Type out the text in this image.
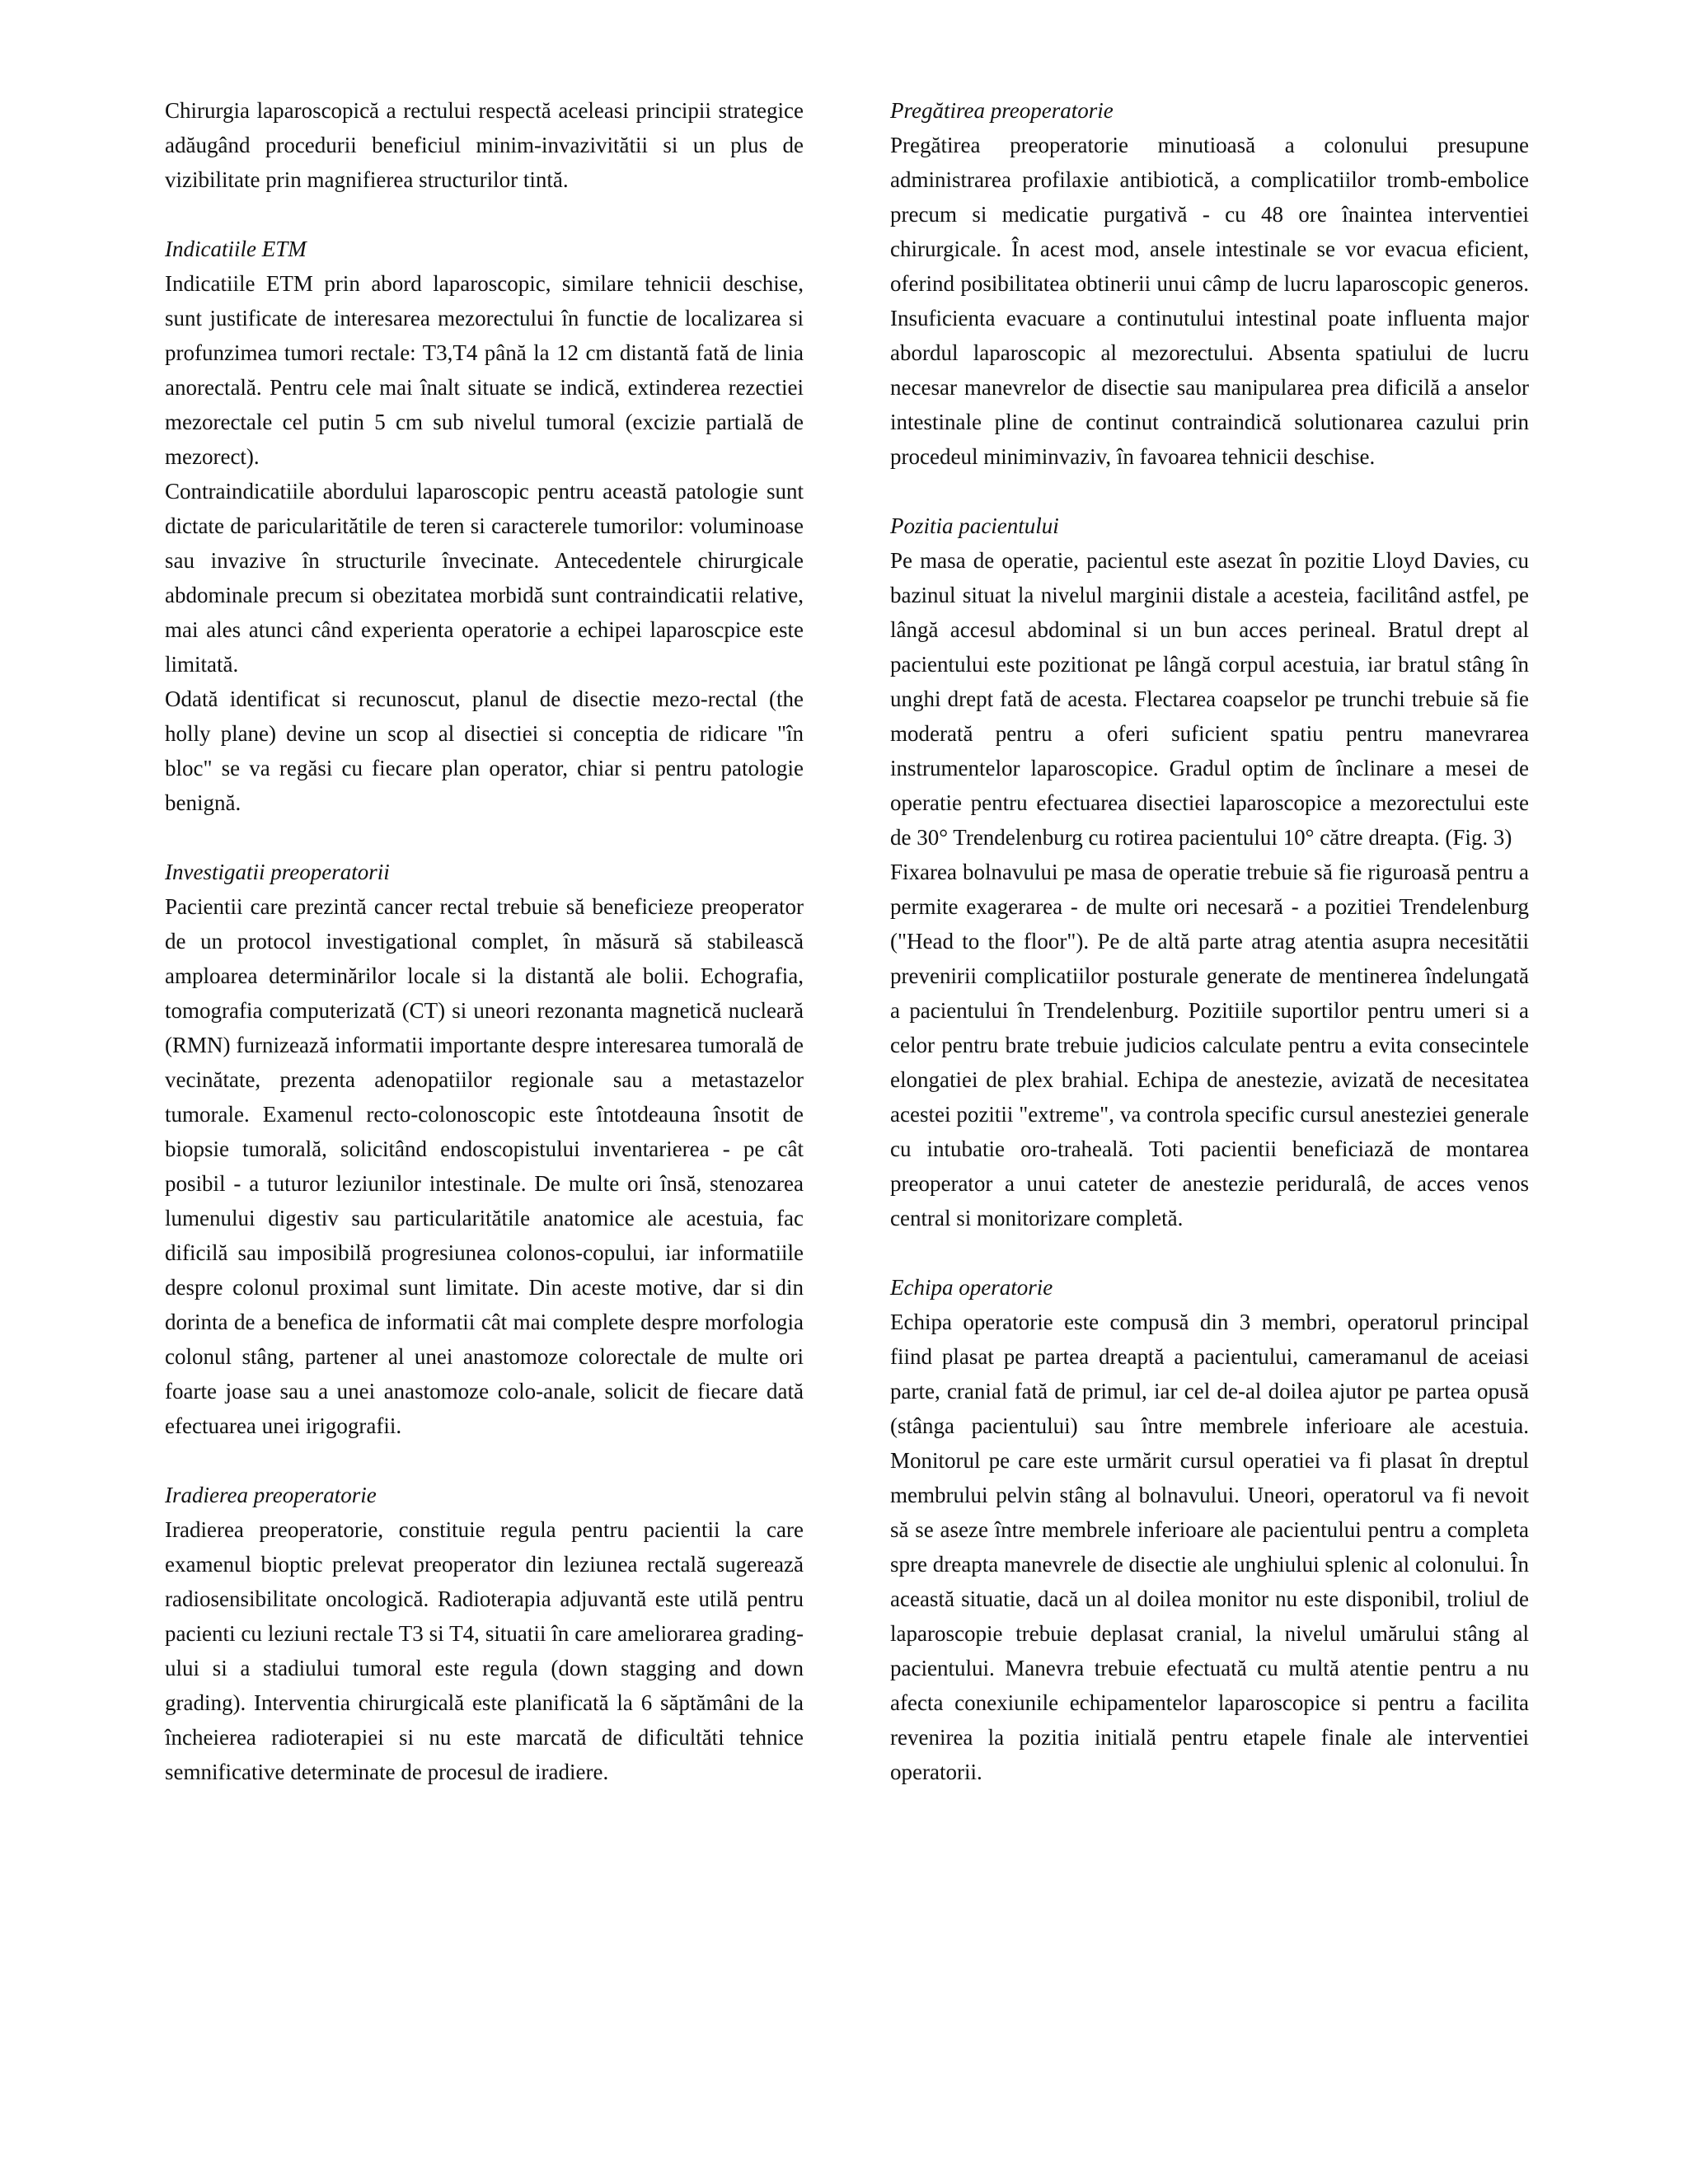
Chirurgia laparoscopică a rectului respectă aceleasi principii strategice adăugând procedurii beneficiul minim-invazivitătii si un plus de vizibilitate prin magnifierea structurilor tintă.

Indicatiile ETM

Indicatiile ETM prin abord laparoscopic, similare tehnicii deschise, sunt justificate de interesarea mezorectului în functie de localizarea si profunzimea tumori rectale: T3,T4 până la 12 cm distantă fată de linia anorectală. Pentru cele mai înalt situate se indică, extinderea rezectiei mezorectale cel putin 5 cm sub nivelul tumoral (excizie partială de mezorect).

Contraindicatiile abordului laparoscopic pentru această patologie sunt dictate de paricularitătile de teren si caracterele tumorilor: voluminoase sau invazive în structurile învecinate. Antecedentele chirurgicale abdominale precum si obezitatea morbidă sunt contraindicatii relative, mai ales atunci când experienta operatorie a echipei laparoscpice este limitată.

Odată identificat si recunoscut, planul de disectie mezo-rectal (the holly plane) devine un scop al disectiei si conceptia de ridicare "în bloc" se va regăsi cu fiecare plan operator, chiar si pentru patologie benignă.

Investigatii preoperatorii

Pacientii care prezintă cancer rectal trebuie să beneficieze preoperator de un protocol investigational complet, în măsură să stabilească amploarea determinărilor locale si la distantă ale bolii. Echografia, tomografia computerizată (CT) si uneori rezonanta magnetică nucleară (RMN) furnizează informatii importante despre interesarea tumorală de vecinătate, prezenta adenopatiilor regionale sau a metastazelor tumorale. Examenul recto-colonoscopic este întotdeauna însotit de biopsie tumorală, solicitând endoscopistului inventarierea - pe cât posibil - a tuturor leziunilor intestinale. De multe ori însă, stenozarea lumenului digestiv sau particularitătile anatomice ale acestuia, fac dificilă sau imposibilă progresiunea colonos-copului, iar informatiile despre colonul proximal sunt limitate. Din aceste motive, dar si din dorinta de a benefica de informatii cât mai complete despre morfologia colonul stâng, partener al unei anastomoze colorectale de multe ori foarte joase sau a unei anastomoze colo-anale, solicit de fiecare dată efectuarea unei irigografii.

Iradierea preoperatorie

Iradierea preoperatorie, constituie regula pentru pacientii la care examenul bioptic prelevat preoperator din leziunea rectală sugerează radiosensibilitate oncologică. Radioterapia adjuvantă este utilă pentru pacienti cu leziuni rectale T3 si T4, situatii în care ameliorarea grading-ului si a stadiului tumoral este regula (down stagging and down grading). Interventia chirurgicală este planificată la 6 săptămâni de la încheierea radioterapiei si nu este marcată de dificultăti tehnice semnificative determinate de procesul de iradiere.

Pregătirea preoperatorie

Pregătirea preoperatorie minutioasă a colonului presupune administrarea profilaxie antibiotică, a complicatiilor tromb-embolice precum si medicatie purgativă - cu 48 ore înaintea interventiei chirurgicale. În acest mod, ansele intestinale se vor evacua eficient, oferind posibilitatea obtinerii unui câmp de lucru laparoscopic generos. Insuficienta evacuare a continutului intestinal poate influenta major abordul laparoscopic al mezorectului. Absenta spatiului de lucru necesar manevrelor de disectie sau manipularea prea dificilă a anselor intestinale pline de continut contraindică solutionarea cazului prin procedeul miniminvaziv, în favoarea tehnicii deschise.

Pozitia pacientului

Pe masa de operatie, pacientul este asezat în pozitie Lloyd Davies, cu bazinul situat la nivelul marginii distale a acesteia, facilitând astfel, pe lângă accesul abdominal si un bun acces perineal. Bratul drept al pacientului este pozitionat pe lângă corpul acestuia, iar bratul stâng în unghi drept fată de acesta. Flectarea coapselor pe trunchi trebuie să fie moderată pentru a oferi suficient spatiu pentru manevrarea instrumentelor laparoscopice. Gradul optim de înclinare a mesei de operatie pentru efectuarea disectiei laparoscopice a mezorectului este de 30° Trendelenburg cu rotirea pacientului 10° către dreapta. (Fig. 3)

Fixarea bolnavului pe masa de operatie trebuie să fie riguroasă pentru a permite exagerarea - de multe ori necesară - a pozitiei Trendelenburg ("Head to the floor"). Pe de altă parte atrag atentia asupra necesitătii prevenirii complicatiilor posturale generate de mentinerea îndelungată a pacientului în Trendelenburg. Pozitiile suportilor pentru umeri si a celor pentru brate trebuie judicios calculate pentru a evita consecintele elongatiei de plex brahial. Echipa de anestezie, avizată de necesitatea acestei pozitii "extreme", va controla specific cursul anesteziei generale cu intubatie oro-traheală. Toti pacientii beneficiază de montarea preoperator a unui cateter de anestezie periduralâ, de acces venos central si monitorizare completă.

Echipa operatorie

Echipa operatorie este compusă din 3 membri, operatorul principal fiind plasat pe partea dreaptă a pacientului, cameramanul de aceiasi parte, cranial fată de primul, iar cel de-al doilea ajutor pe partea opusă (stânga pacientului) sau între membrele inferioare ale acestuia. Monitorul pe care este urmărit cursul operatiei va fi plasat în dreptul membrului pelvin stâng al bolnavului. Uneori, operatorul va fi nevoit să se aseze între membrele inferioare ale pacientului pentru a completa spre dreapta manevrele de disectie ale unghiului splenic al colonului. În această situatie, dacă un al doilea monitor nu este disponibil, troliul de laparoscopie trebuie deplasat cranial, la nivelul umărului stâng al pacientului. Manevra trebuie efectuată cu multă atentie pentru a nu afecta conexiunile echipamentelor laparoscopice si pentru a facilita revenirea la pozitia initială pentru etapele finale ale interventiei operatorii.
